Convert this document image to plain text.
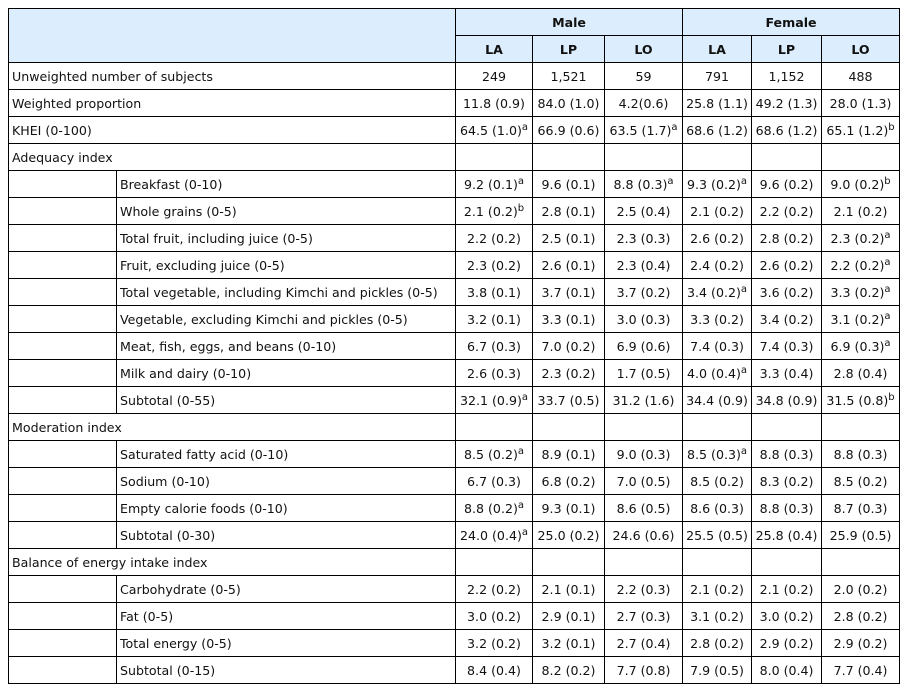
		Male			Female		
		LA	LP	LO	LA	LP	LO
Unweighted number of subjects		249	1,521	59	791	1,152	488
Weighted proportion		11.8 (0.9)	84.0 (1.0)	4.2(0.6)	25.8 (1.1)	49.2 (1.3)	28.0 (1.3)
KHEI (0-100)		64.5 $(1.0)^a$	66.9 (0.6)	63.5 $(1.7)^a$	68.6 (1.2)	68.6 (1.2)	65.1 $(1.2)^b$
Adequacy index							
	Breakfast (0-10)	9.2 $(0.1)^a$	9.6 (0.1)	8.8 $(0.3)^a$	9.3 $(0.2)^a$	9.6 (0.2)	9.0 $(0.2)^b$
	Whole grains (0-5)	2.1 $(0.2)^b$	2.8 (0.1)	2.5 (0.4)	2.1 (0.2)	2.2 (0.2)	2.1 (0.2)
	Total fruit, including juice (0-5)	2.2 (0.2)	2.5 (0.1)	2.3 (0.3)	2.6 (0.2)	2.8 (0.2)	2.3 $(0.2)^a$
	Fruit, excluding juice (0-5)	2.3 (0.2)	2.6 (0.1)	2.3 (0.4)	2.4 (0.2)	2.6 (0.2)	2.2 $(0.2)^a$
	Total vegetable, including Kimchi and pickles (0-5)	3.8 (0.1)	3.7 (0.1)	3.7 (0.2)	3.4 $(0.2)^a$	3.6 (0.2)	3.3 $(0.2)^a$
	Vegetable, excluding Kimchi and pickles (0-5)	3.2 (0.1)	3.3 (0.1)	3.0 (0.3)	3.3 (0.2)	3.4 (0.2)	3.1 $(0.2)^a$
	Meat, fish, eggs, and beans (0-10)	6.7 (0.3)	7.0 (0.2)	6.9 (0.6)	7.4 (0.3)	7.4 (0.3)	6.9 $(0.3)^a$
	Milk and dairy (0-10)	2.6 (0.3)	2.3 (0.2)	1.7 (0.5)	4.0 $(0.4)^a$	3.3 (0.4)	2.8 (0.4)
	Subtotal (0-55)	32.1 $(0.9)^a$	33.7 (0.5)	31.2 (1.6)	34.4 (0.9)	34.8 (0.9)	31.5 $(0.8)^b$
Moderation index							
	Saturated fatty acid (0-10)	8.5 $(0.2)^a$	8.9 (0.1)	9.0 (0.3)	8.5 $(0.3)^a$	8.8 (0.3)	8.8 (0.3)
	Sodium (0-10)	6.7 (0.3)	6.8 (0.2)	7.0 (0.5)	8.5 (0.2)	8.3 (0.2)	8.5 (0.2)
	Empty calorie foods (0-10)	8.8 $(0.2)^a$	9.3 (0.1)	8.6 (0.5)	8.6 (0.3)	8.8 (0.3)	8.7 (0.3)
	Subtotal (0-30)	24.0 $(0.4)^a$	25.0 (0.2)	24.6 (0.6)	25.5 (0.5)	25.8 (0.4)	25.9 (0.5)
Balance of energy intake index							
	Carbohydrate (0-5)	2.2 (0.2)	2.1 (0.1)	2.2 (0.3)	2.1 (0.2)	2.1 (0.2)	2.0 (0.2)
	Fat (0-5)	3.0 (0.2)	2.9 (0.1)	2.7 (0.3)	3.1 (0.2)	3.0 (0.2)	2.8 (0.2)
	Total energy (0-5)	3.2 (0.2)	3.2 (0.1)	2.7 (0.4)	2.8 (0.2)	2.9 (0.2)	2.9 (0.2)
	Subtotal (0-15)	8.4 (0.4)	8.2 (0.2)	7.7 (0.8)	7.9 (0.5)	8.0 (0.4)	7.7 (0.4)
